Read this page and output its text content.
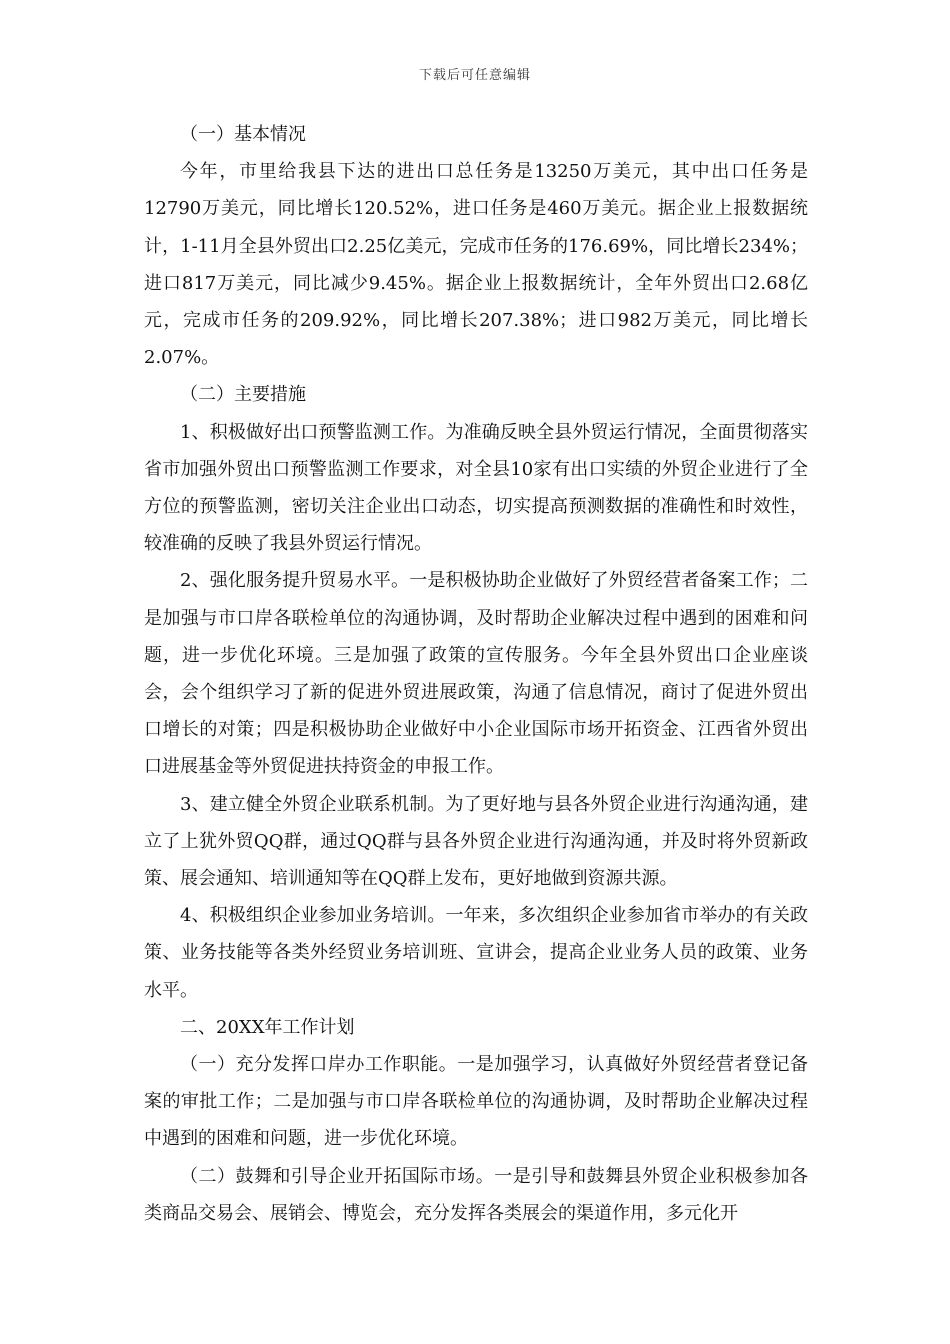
下载后可任意编辑

（一）基本情况

今年，市里给我县下达的进出口总任务是13250万美元，其中出口任务是12790万美元，同比增长120.52%，进口任务是460万美元。据企业上报数据统计，1-11月全县外贸出口2.25亿美元，完成市任务的176.69%，同比增长234%；进口817万美元，同比减少9.45%。据企业上报数据统计，全年外贸出口2.68亿元，完成市任务的209.92%，同比增长207.38%；进口982万美元，同比增长2.07%。

（二）主要措施

1、积极做好出口预警监测工作。为准确反映全县外贸运行情况，全面贯彻落实省市加强外贸出口预警监测工作要求，对全县10家有出口实绩的外贸企业进行了全方位的预警监测，密切关注企业出口动态，切实提高预测数据的准确性和时效性，较准确的反映了我县外贸运行情况。

2、强化服务提升贸易水平。一是积极协助企业做好了外贸经营者备案工作；二是加强与市口岸各联检单位的沟通协调，及时帮助企业解决过程中遇到的困难和问题，进一步优化环境。三是加强了政策的宣传服务。今年全县外贸出口企业座谈会，会个组织学习了新的促进外贸进展政策，沟通了信息情况，商讨了促进外贸出口增长的对策；四是积极协助企业做好中小企业国际市场开拓资金、江西省外贸出口进展基金等外贸促进扶持资金的申报工作。

3、建立健全外贸企业联系机制。为了更好地与县各外贸企业进行沟通沟通，建立了上犹外贸QQ群，通过QQ群与县各外贸企业进行沟通沟通，并及时将外贸新政策、展会通知、培训通知等在QQ群上发布，更好地做到资源共源。

4、积极组织企业参加业务培训。一年来，多次组织企业参加省市举办的有关政策、业务技能等各类外经贸业务培训班、宣讲会，提高企业业务人员的政策、业务水平。

二、20XX年工作计划

（一）充分发挥口岸办工作职能。一是加强学习，认真做好外贸经营者登记备案的审批工作；二是加强与市口岸各联检单位的沟通协调，及时帮助企业解决过程中遇到的困难和问题，进一步优化环境。

（二）鼓舞和引导企业开拓国际市场。一是引导和鼓舞县外贸企业积极参加各类商品交易会、展销会、博览会，充分发挥各类展会的渠道作用，多元化开
